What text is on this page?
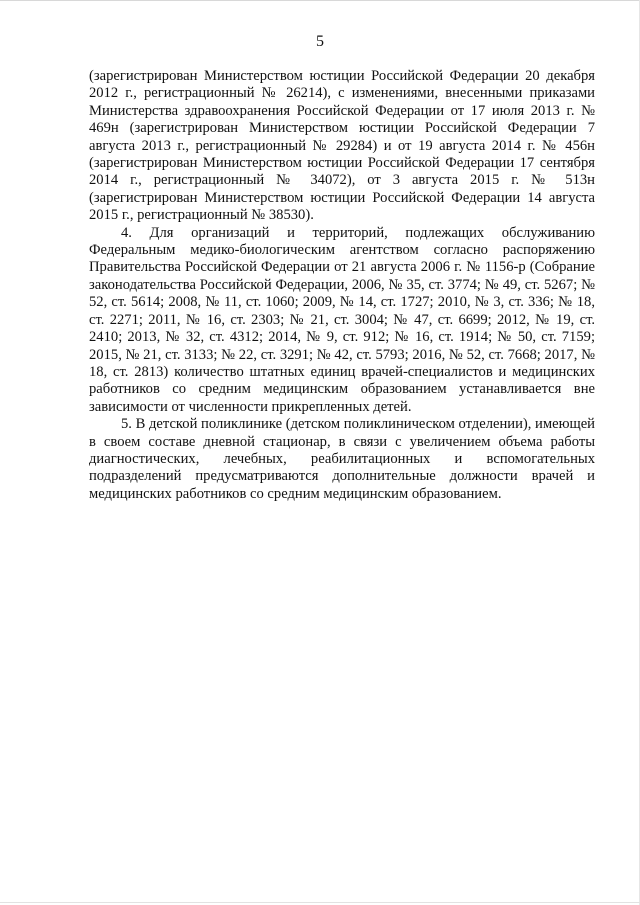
5

(зарегистрирован Министерством юстиции Российской Федерации 20 декабря 2012 г., регистрационный № 26214), с изменениями, внесенными приказами Министерства здравоохранения Российской Федерации от 17 июля 2013 г. № 469н (зарегистрирован Министерством юстиции Российской Федерации 7 августа 2013 г., регистрационный № 29284) и от 19 августа 2014 г. № 456н (зарегистрирован Министерством юстиции Российской Федерации 17 сентября 2014 г., регистрационный № 34072), от 3 августа 2015 г. № 513н (зарегистрирован Министерством юстиции Российской Федерации 14 августа 2015 г., регистрационный № 38530).

4. Для организаций и территорий, подлежащих обслуживанию Федеральным медико-биологическим агентством согласно распоряжению Правительства Российской Федерации от 21 августа 2006 г. № 1156-р (Собрание законодательства Российской Федерации, 2006, № 35, ст. 3774; № 49, ст. 5267; № 52, ст. 5614; 2008, № 11, ст. 1060; 2009, № 14, ст. 1727; 2010, № 3, ст. 336; № 18, ст. 2271; 2011, № 16, ст. 2303; № 21, ст. 3004; № 47, ст. 6699; 2012, № 19, ст. 2410; 2013, № 32, ст. 4312; 2014, № 9, ст. 912; № 16, ст. 1914; № 50, ст. 7159; 2015, № 21, ст. 3133; № 22, ст. 3291; № 42, ст. 5793; 2016, № 52, ст. 7668; 2017, № 18, ст. 2813) количество штатных единиц врачей-специалистов и медицинских работников со средним медицинским образованием устанавливается вне зависимости от численности прикрепленных детей.

5. В детской поликлинике (детском поликлиническом отделении), имеющей в своем составе дневной стационар, в связи с увеличением объема работы диагностических, лечебных, реабилитационных и вспомогательных подразделений предусматриваются дополнительные должности врачей и медицинских работников со средним медицинским образованием.
